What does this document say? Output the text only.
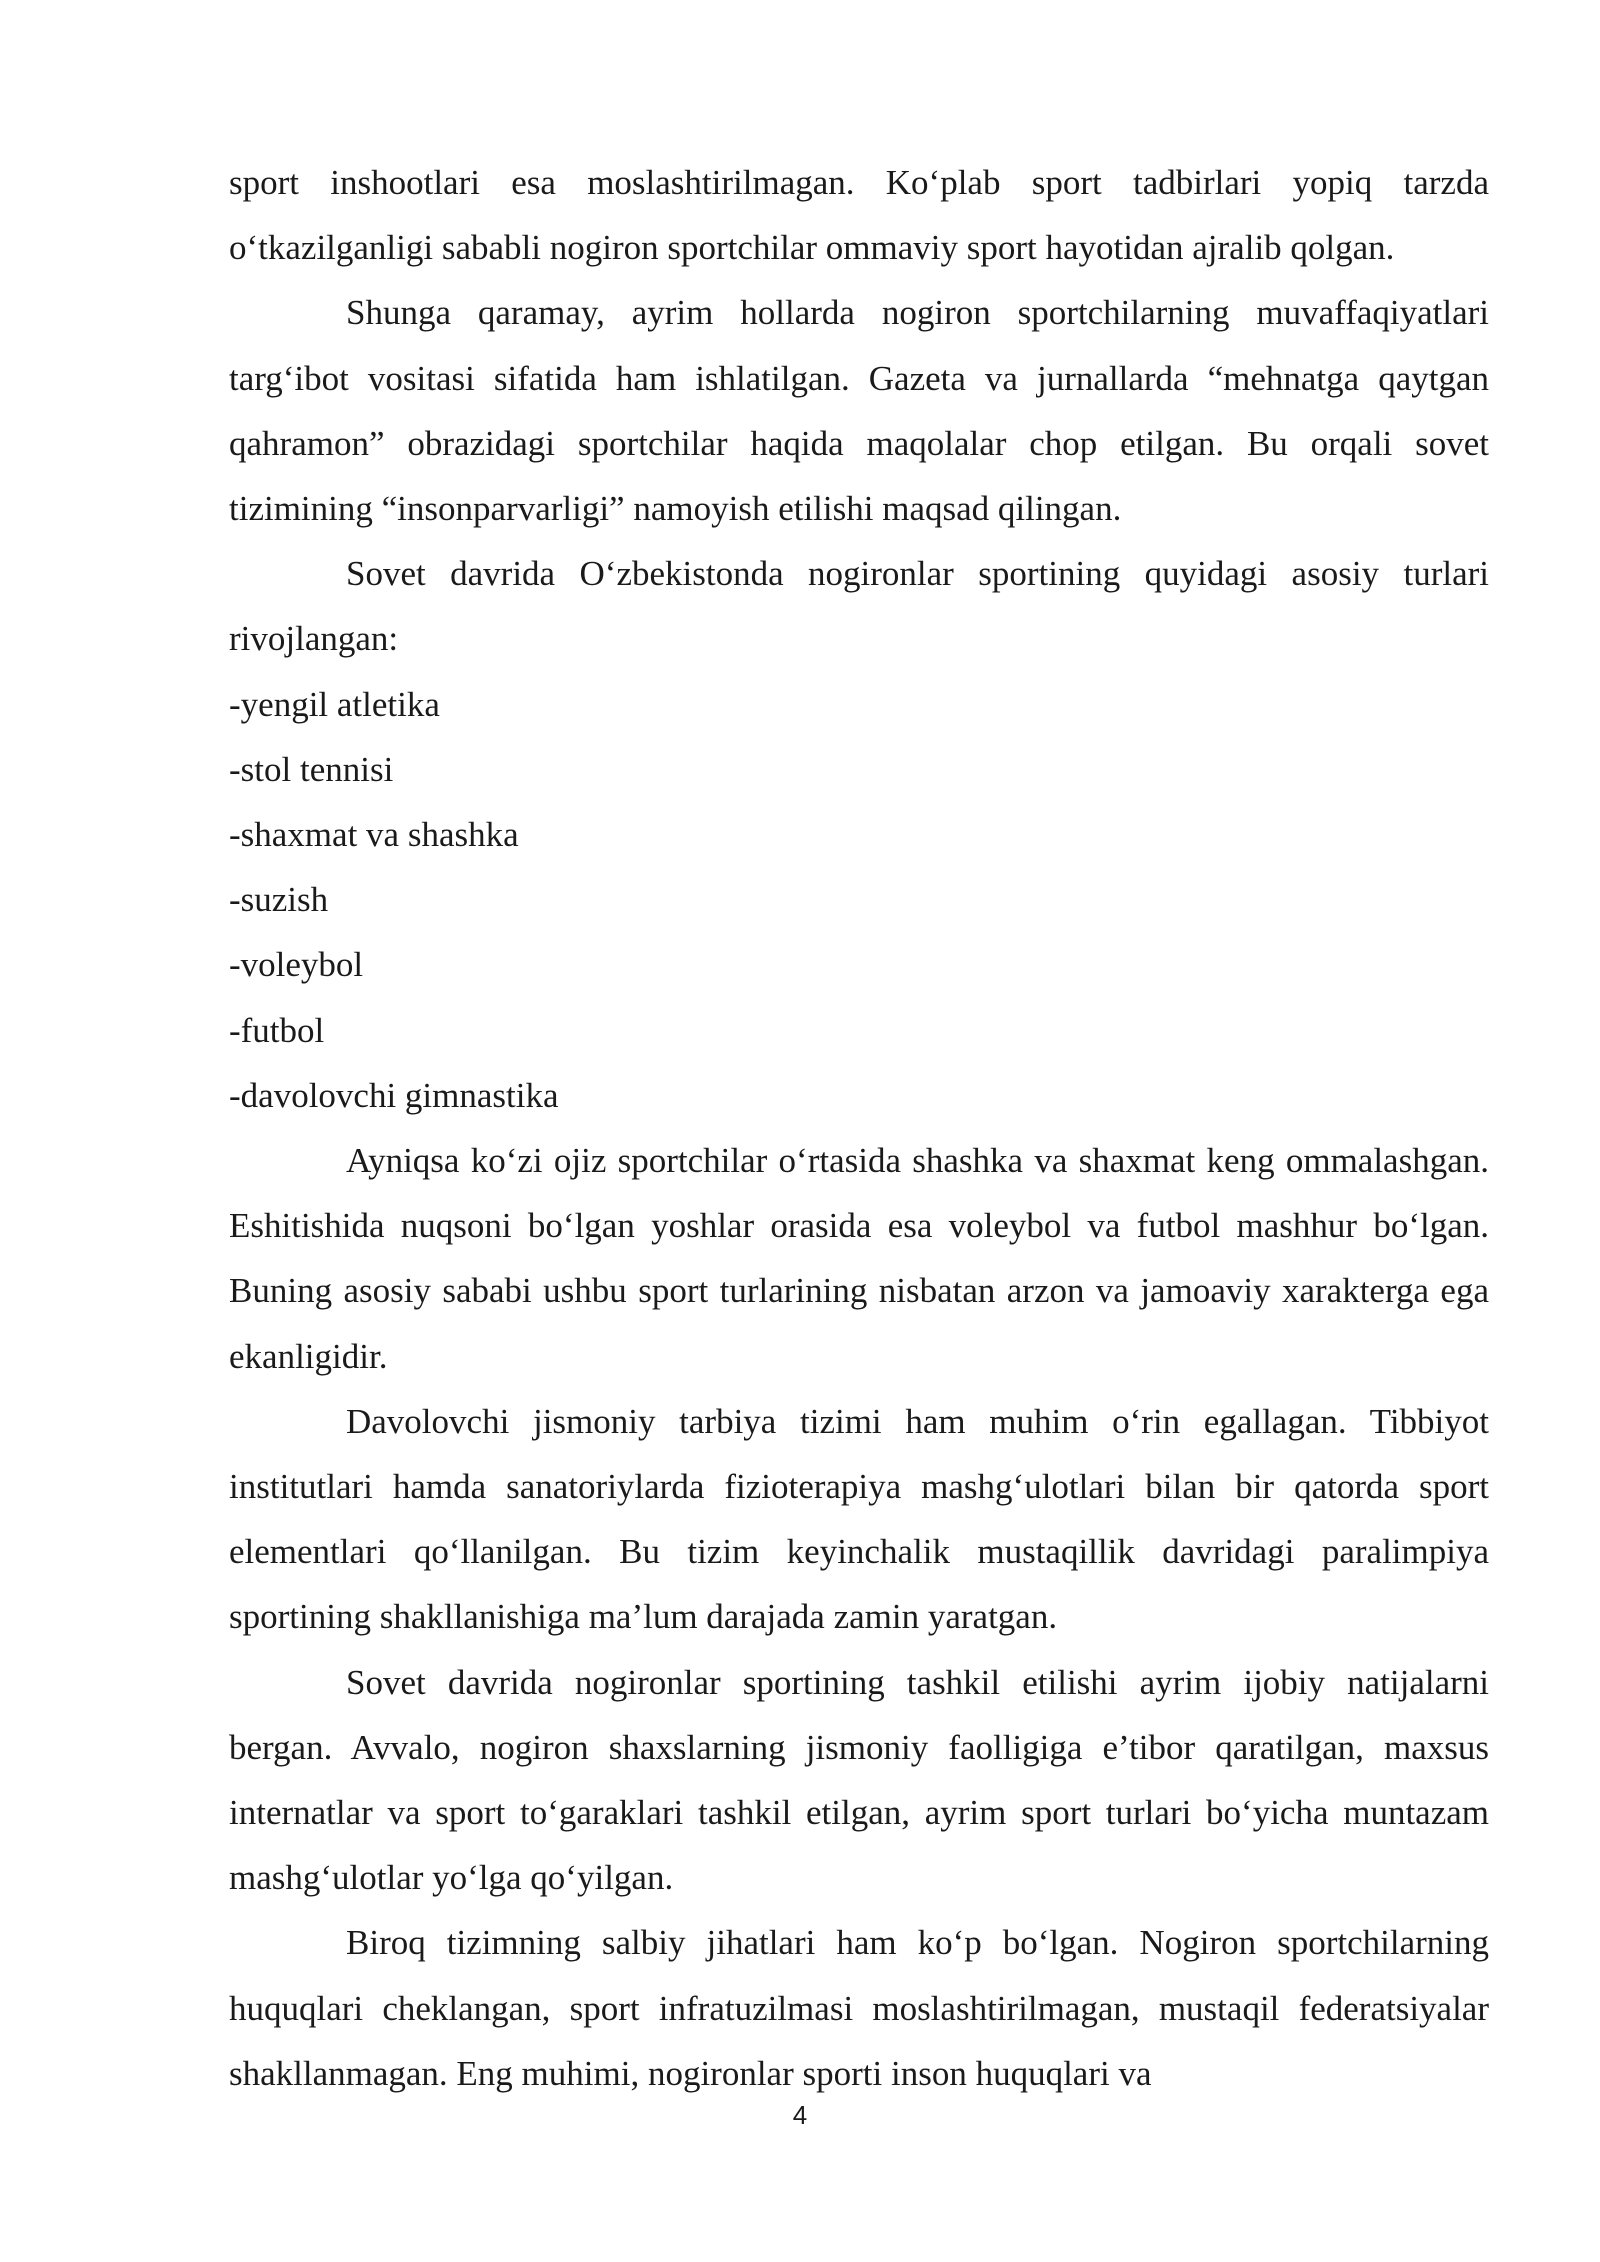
sport inshootlari esa moslashtirilmagan. Ko‘plab sport tadbirlari yopiq tarzda o‘tkazilganligi sababli nogiron sportchilar ommaviy sport hayotidan ajralib qolgan.

Shunga qaramay, ayrim hollarda nogiron sportchilarning muvaffaqiyatlari targ‘ibot vositasi sifatida ham ishlatilgan. Gazeta va jurnallarda “mehnatga qaytgan qahramon” obrazidagi sportchilar haqida maqolalar chop etilgan. Bu orqali sovet tizimining “insonparvarligi” namoyish etilishi maqsad qilingan.

Sovet davrida O‘zbekistonda nogironlar sportining quyidagi asosiy turlari rivojlangan:

-yengil atletika
-stol tennisi
-shaxmat va shashka
-suzish
-voleybol
-futbol
-davolovchi gimnastika

Ayniqsa ko‘zi ojiz sportchilar o‘rtasida shashka va shaxmat keng ommalashgan. Eshitishida nuqsoni bo‘lgan yoshlar orasida esa voleybol va futbol mashhur bo‘lgan. Buning asosiy sababi ushbu sport turlarining nisbatan arzon va jamoaviy xarakterga ega ekanligidir.

Davolovchi jismoniy tarbiya tizimi ham muhim o‘rin egallagan. Tibbiyot institutlari hamda sanatoriylarda fizioterapiya mashg‘ulotlari bilan bir qatorda sport elementlari qo‘llanilgan. Bu tizim keyinchalik mustaqillik davridagi paralimpiya sportining shakllanishiga ma’lum darajada zamin yaratgan.

Sovet davrida nogironlar sportining tashkil etilishi ayrim ijobiy natijalarni bergan. Avvalo, nogiron shaxslarning jismoniy faolligiga e’tibor qaratilgan, maxsus internatlar va sport to‘garaklari tashkil etilgan, ayrim sport turlari bo‘yicha muntazam mashg‘ulotlar yo‘lga qo‘yilgan.

Biroq tizimning salbiy jihatlari ham ko‘p bo‘lgan. Nogiron sportchilarning huquqlari cheklangan, sport infratuzilmasi moslashtirilmagan, mustaqil federatsiyalar shakllanmagan. Eng muhimi, nogironlar sporti inson huquqlari va

4
